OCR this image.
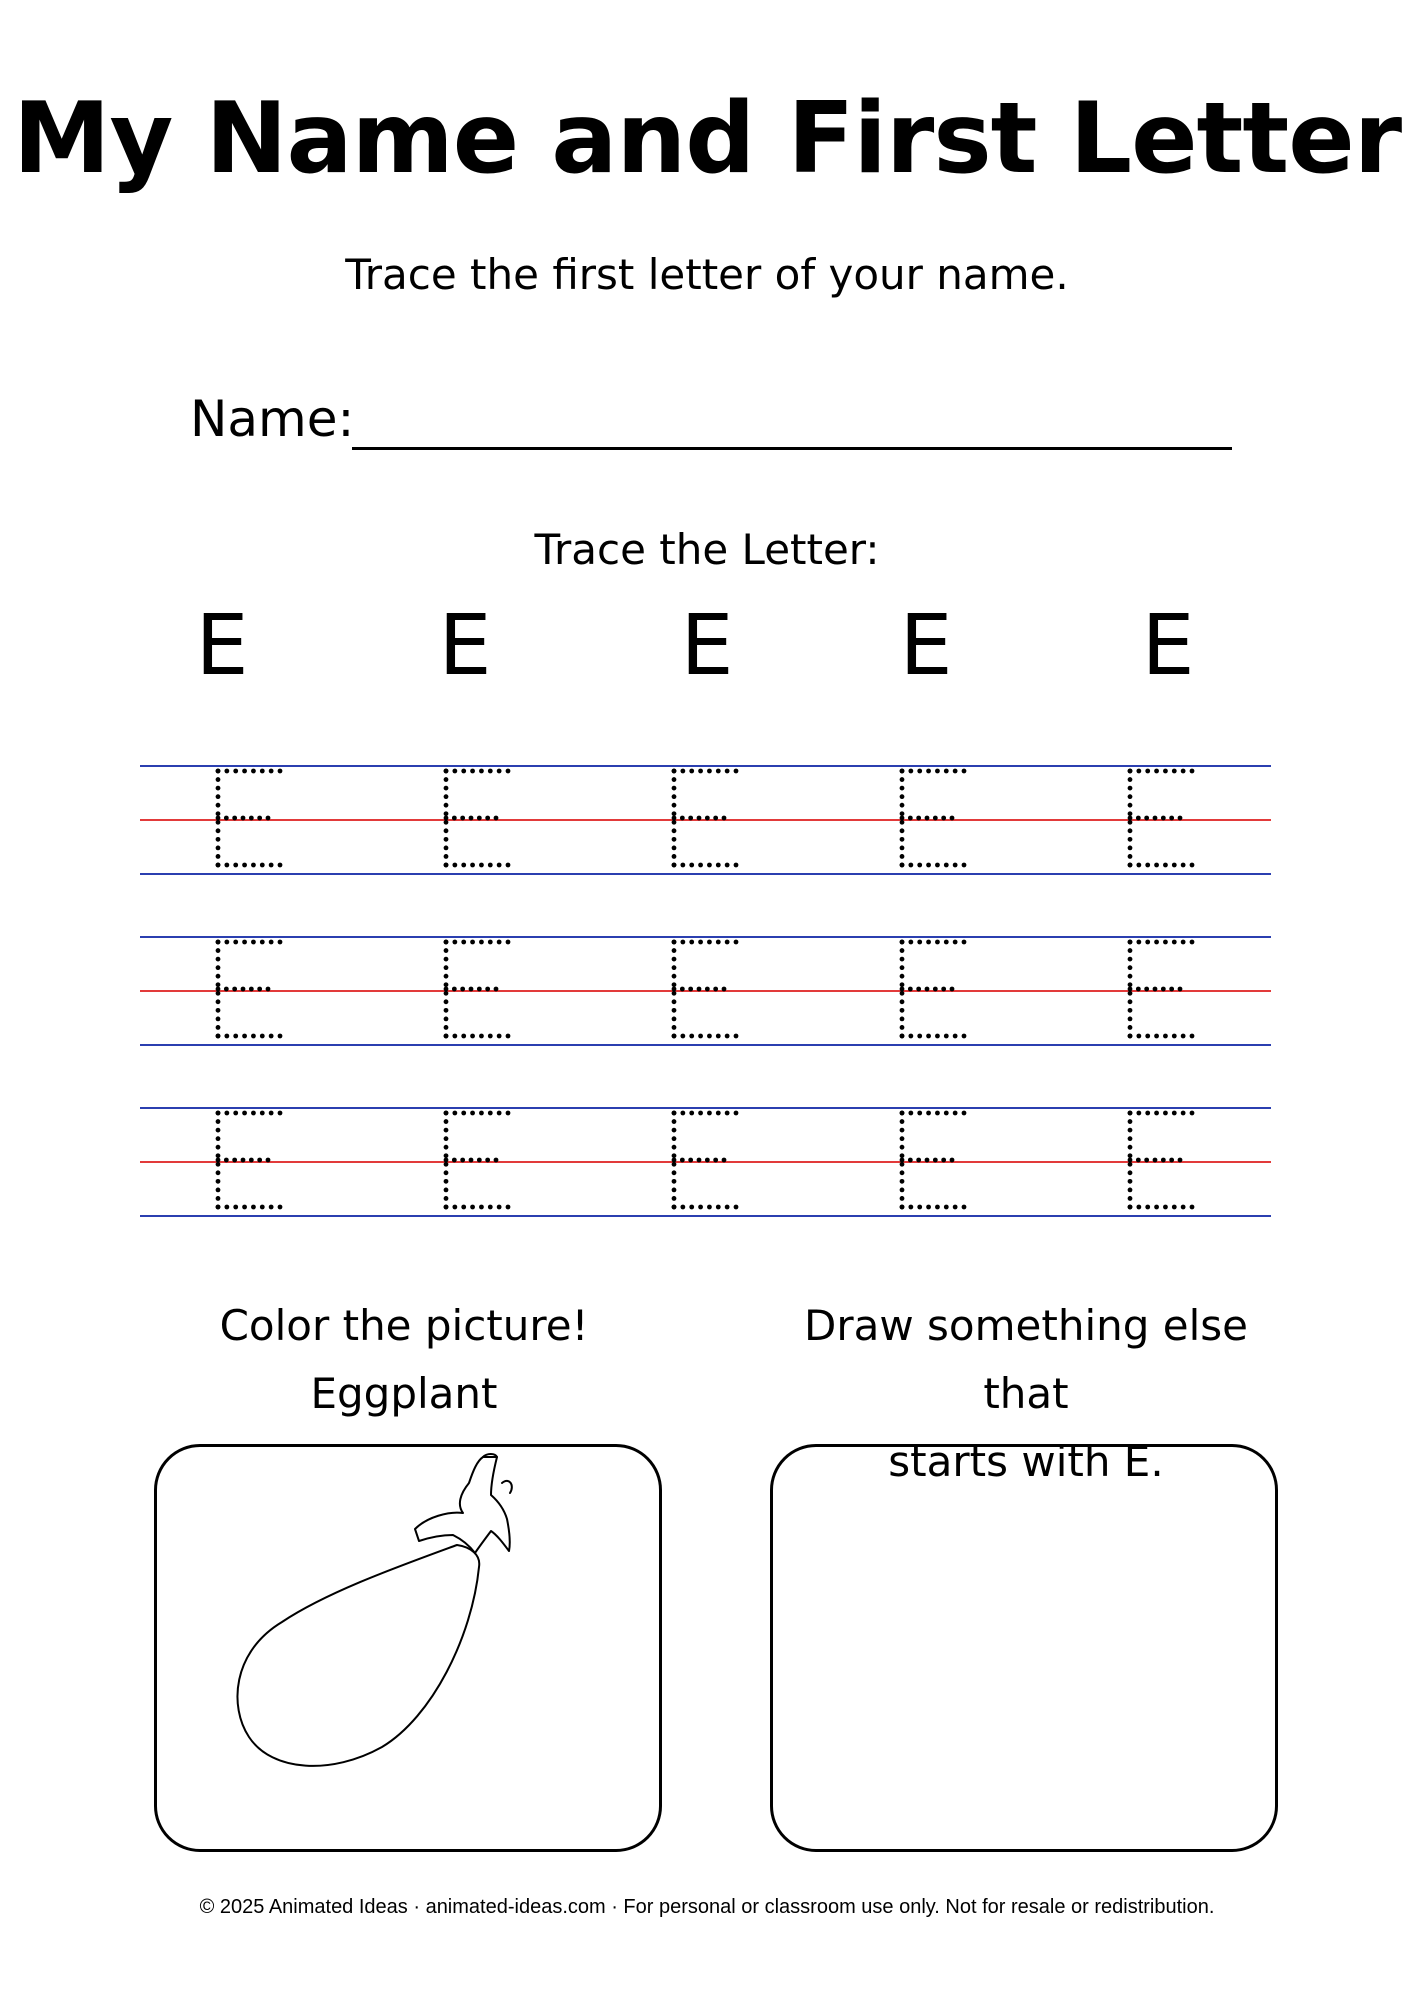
My Name and First Letter
Trace the first letter of your name.
Name:
Trace the Letter:
E E E E E
Color the picture!
Eggplant
Draw something else that
starts with E.
© 2025 Animated Ideas · animated-ideas.com · For personal or classroom use only. Not for resale or redistribution.
